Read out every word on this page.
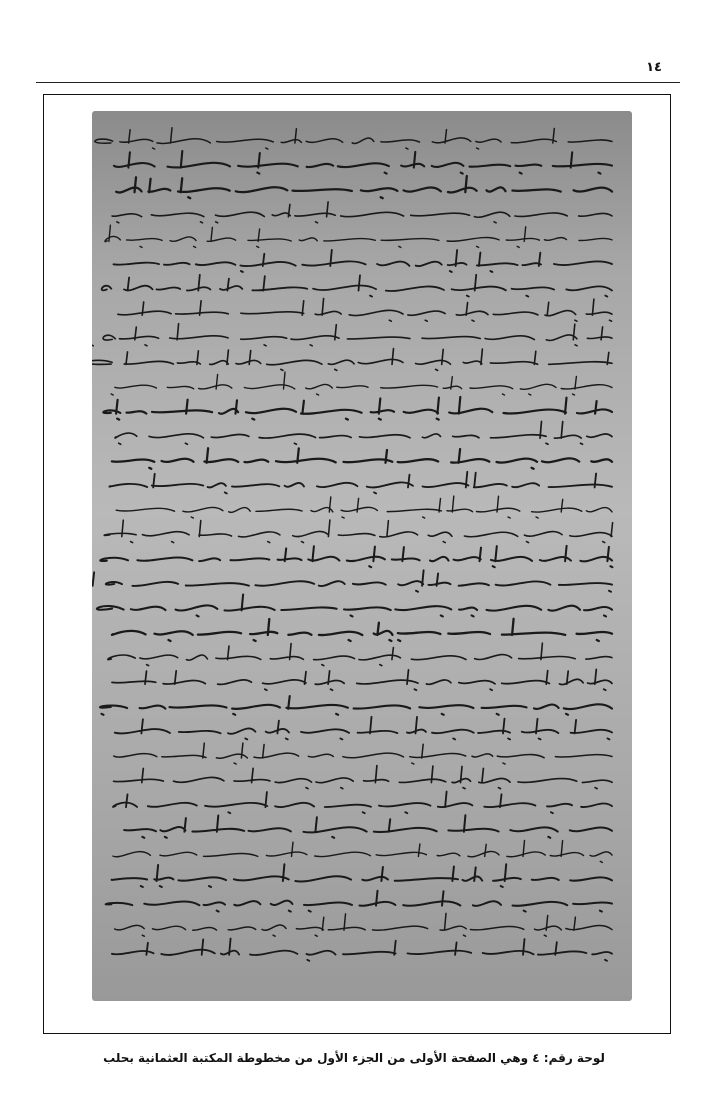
١٤
لوحة رقم: ٤ وهي الصفحة الأولى من الجزء الأول من مخطوطة المكتبة العثمانية بحلب
